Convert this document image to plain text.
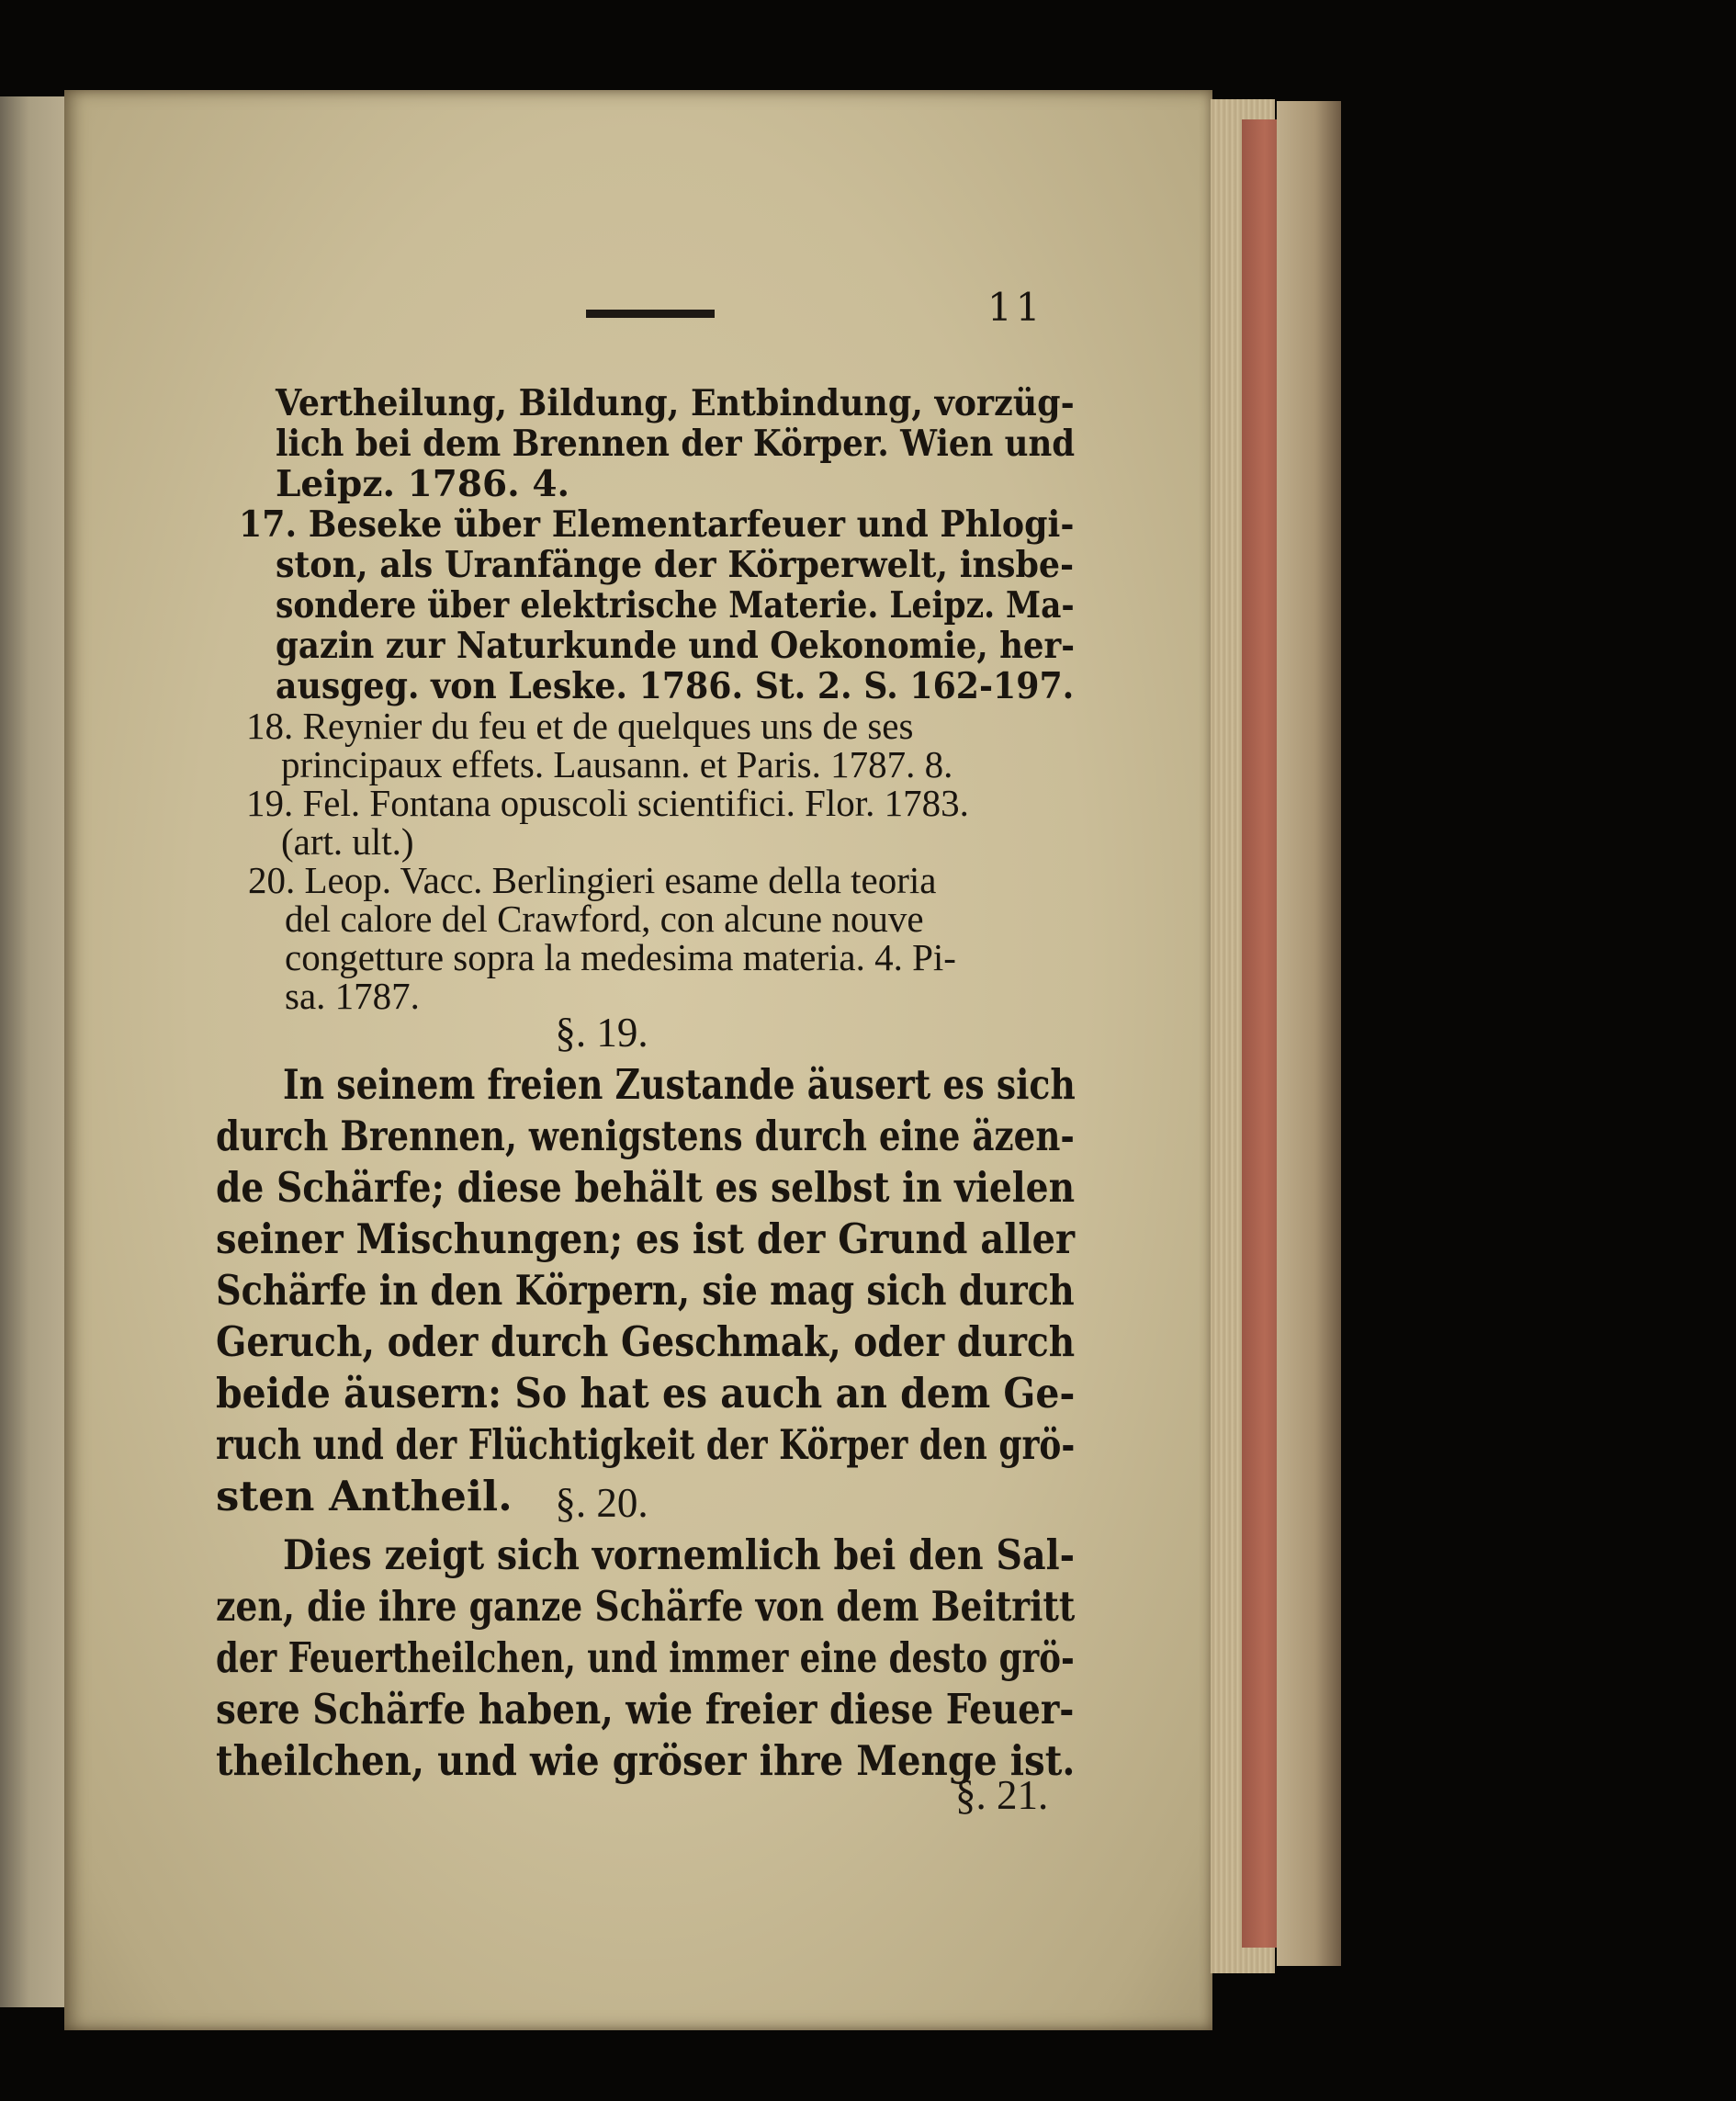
11
Vertheilung, Bildung, Entbindung, vorzüg-
lich bei dem Brennen der Körper. Wien und
Leipz. 1786. 4.
17. Beseke über Elementarfeuer und Phlogi-
ston, als Uranfänge der Körperwelt, insbe-
sondere über elektrische Materie. Leipz. Ma-
gazin zur Naturkunde und Oekonomie, her-
ausgeg. von Leske. 1786. St. 2. S. 162-197.
18. Reynier du feu et de quelques uns de ses
principaux effets. Lausann. et Paris. 1787. 8.
19. Fel. Fontana opuscoli scientifici. Flor. 1783.
(art. ult.)
20. Leop. Vacc. Berlingieri esame della teoria
del calore del Crawford, con alcune nouve
congetture sopra la medesima materia. 4. Pi-
sa. 1787.
§. 19.
In seinem freien Zustande äusert es sich
durch Brennen, wenigstens durch eine äzen-
de Schärfe; diese behält es selbst in vielen
seiner Mischungen; es ist der Grund aller
Schärfe in den Körpern, sie mag sich durch
Geruch, oder durch Geschmak, oder durch
beide äusern: So hat es auch an dem Ge-
ruch und der Flüchtigkeit der Körper den grö-
sten Antheil.	§. 20.
Dies zeigt sich vornemlich bei den Sal-
zen, die ihre ganze Schärfe von dem Beitritt
der Feuertheilchen, und immer eine desto grö-
sere Schärfe haben, wie freier diese Feuer-
theilchen, und wie gröser ihre Menge ist.
§. 21.
